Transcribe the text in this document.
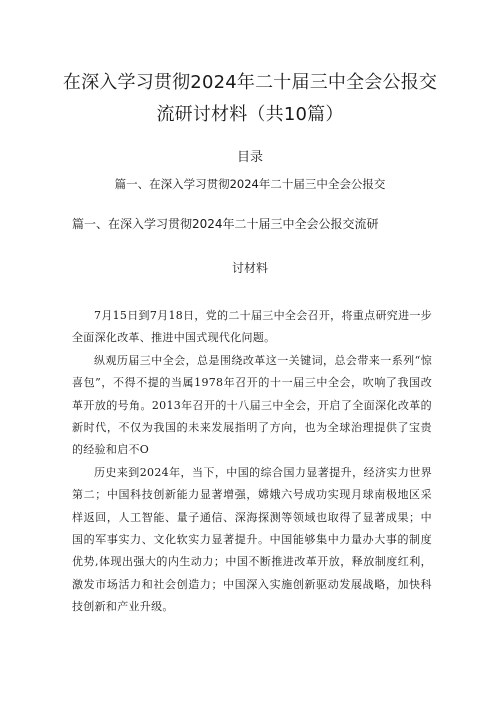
在深入学习贯彻2024年二十届三中全会公报交
流研讨材料（共10篇）
目录
篇一、在深入学习贯彻2024年二十届三中全会公报交
篇一、在深入学习贯彻2024年二十届三中全会公报交流研
讨材料

7月15日到7月18日，党的二十届三中全会召开，将重点研究进一步全面深化改革、推进中国式现代化问题。

纵观历届三中全会，总是围绕改革这一关键词，总会带来一系列“惊喜包”，不得不提的当属1978年召开的十一届三中全会，吹响了我国改革开放的号角。2013年召开的十八届三中全会，开启了全面深化改革的新时代，不仅为我国的未来发展指明了方向，也为全球治理提供了宝贵的经验和启不O

历史来到2024年，当下，中国的综合国力显著提升，经济实力世界第二；中国科技创新能力显著增强，嫦娥六号成功实现月球南极地区采样返回，人工智能、量子通信、深海探测等领域也取得了显著成果；中国的军事实力、文化软实力显著提升。中国能够集中力量办大事的制度优势,体现出强大的内生动力；中国不断推进改革开放，释放制度红利，激发市场活力和社会创造力；中国深入实施创新驱动发展战略，加快科技创新和产业升级。
